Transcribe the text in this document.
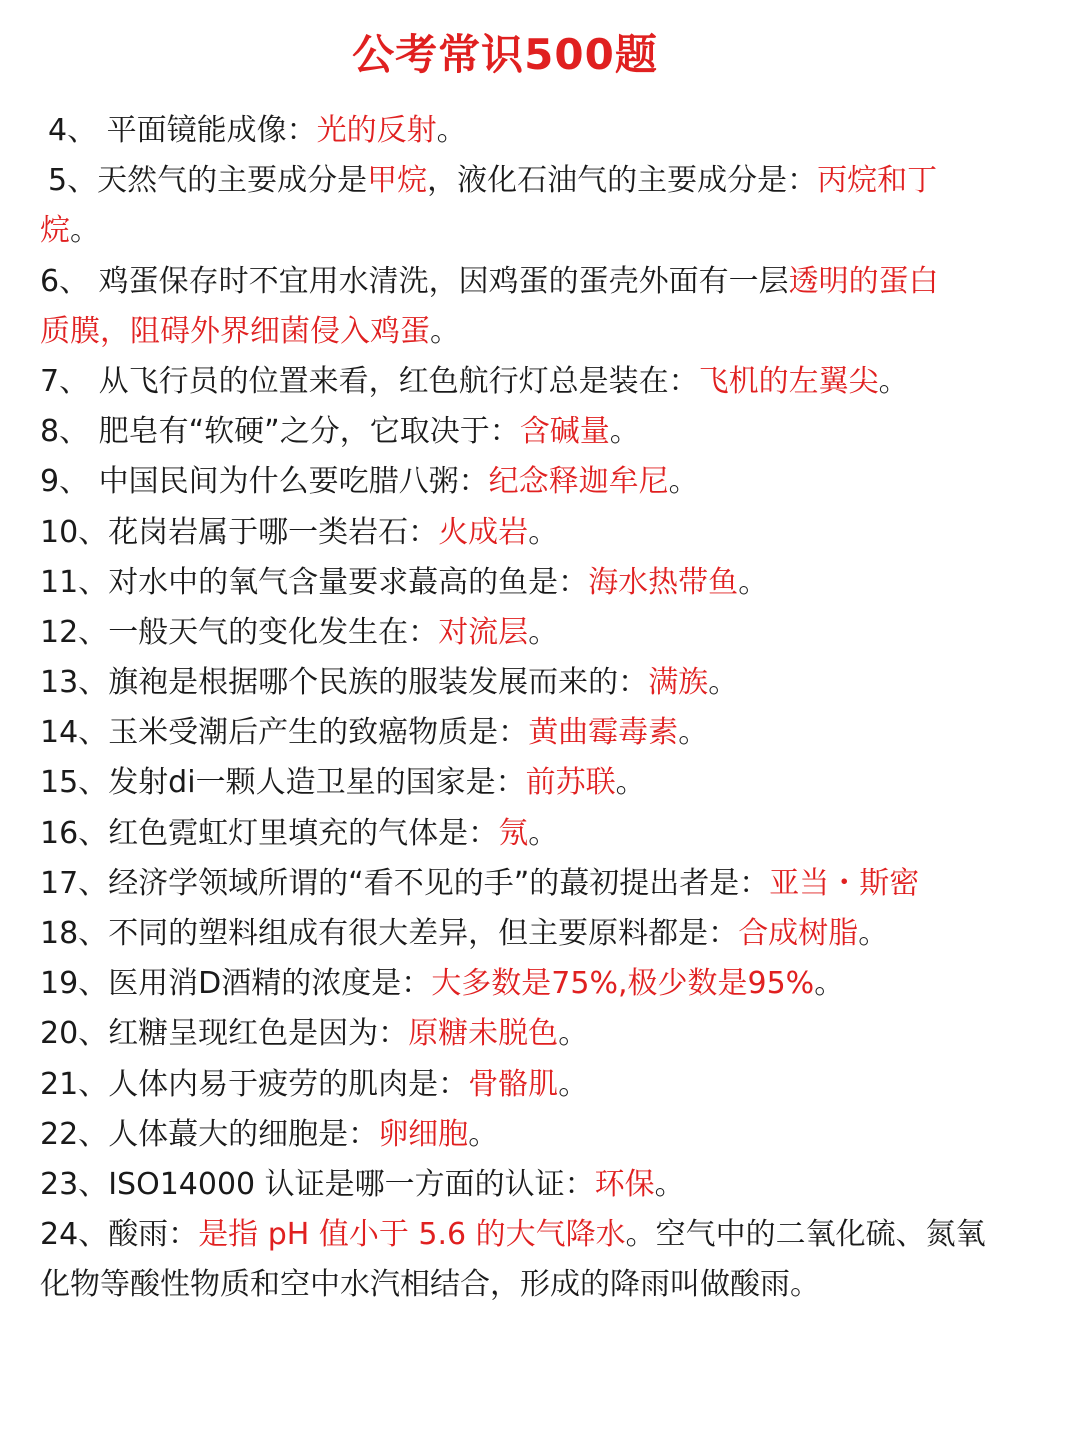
公考常识500题
4、 平面镜能成像：光的反射。
5、天然气的主要成分是甲烷，液化石油气的主要成分是：丙烷和丁
烷。
6、 鸡蛋保存时不宜用水清洗，因鸡蛋的蛋壳外面有一层透明的蛋白
质膜，阻碍外界细菌侵入鸡蛋。
7、 从飞行员的位置来看，红色航行灯总是装在：飞机的左翼尖。
8、 肥皂有“软硬”之分，它取决于：含碱量。
9、 中国民间为什么要吃腊八粥：纪念释迦牟尼。
10、花岗岩属于哪一类岩石：火成岩。
11、对水中的氧气含量要求蕞高的鱼是：海水热带鱼。
12、一般天气的变化发生在：对流层。
13、旗袍是根据哪个民族的服装发展而来的：满族。
14、玉米受潮后产生的致癌物质是：黄曲霉毒素。
15、发射di一颗人造卫星的国家是：前苏联。
16、红色霓虹灯里填充的气体是：氖。
17、经济学领域所谓的“看不见的手”的蕞初提出者是：亚当・斯密
18、不同的塑料组成有很大差异，但主要原料都是：合成树脂。
19、医用消D酒精的浓度是：大多数是75%,极少数是95%。
20、红糖呈现红色是因为：原糖未脱色。
21、人体内易于疲劳的肌肉是：骨骼肌。
22、人体蕞大的细胞是：卵细胞。
23、ISO14000 认证是哪一方面的认证：环保。
24、酸雨：是指 pH 值小于 5.6 的大气降水。空气中的二氧化硫、氮氧
化物等酸性物质和空中水汽相结合，形成的降雨叫做酸雨。
